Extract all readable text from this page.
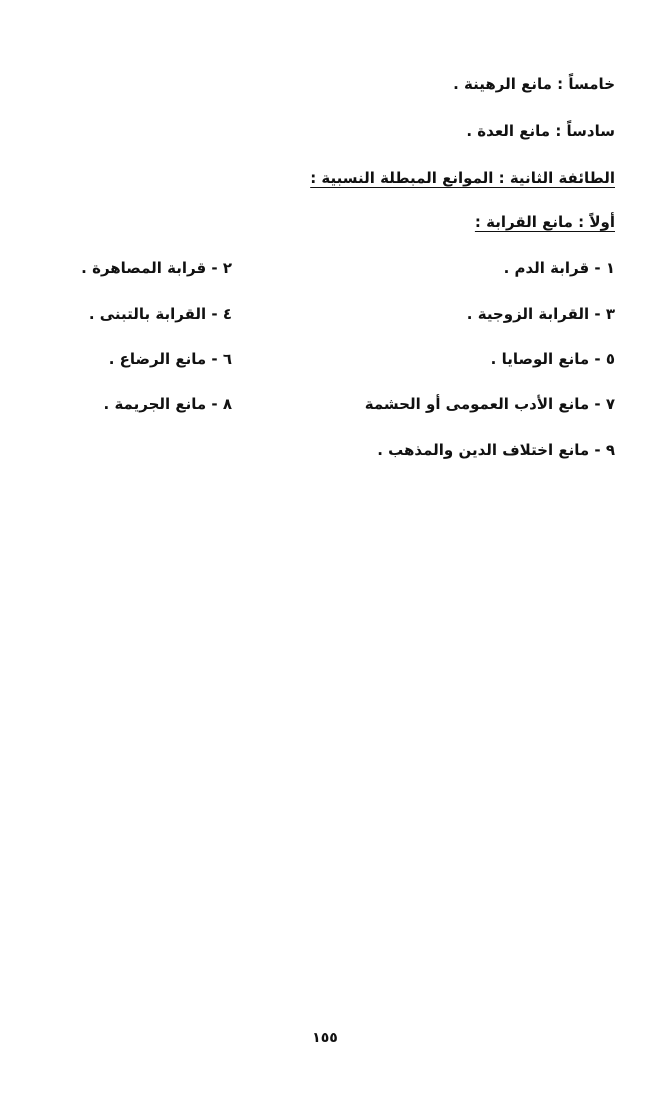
خامساً : مانع الرهينة .
سادساً : مانع العدة .
الطائفة الثانية : الموانع المبطلة النسبية :
أولاً : مانع القرابة :
١ - قرابة الدم .
٢ - قرابة المصاهرة .
٣ - القرابة الزوجية .
٤ - القرابة بالتبنى .
٥ - مانع الوصايا .
٦ - مانع الرضاع .
٧ - مانع الأدب العمومى أو الحشمة
٨ - مانع الجريمة .
٩ - مانع اختلاف الدين والمذهب .
١٥٥
